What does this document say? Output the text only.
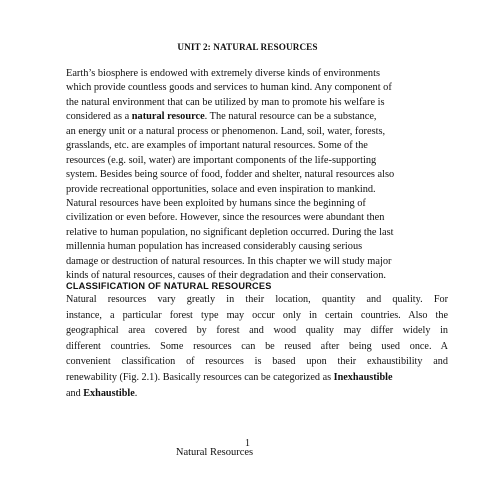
UNIT 2: NATURAL RESOURCES
Earth’s biosphere is endowed with extremely diverse kinds of environments
which provide countless goods and services to human kind. Any component of
the natural environment that can be utilized by man to promote his welfare is
considered as a natural resource. The natural resource can be a substance,
an energy unit or a natural process or phenomenon. Land, soil, water, forests,
grasslands, etc. are examples of important natural resources. Some of the
resources (e.g. soil, water) are important components of the life-supporting
system. Besides being source of food, fodder and shelter, natural resources also
provide recreational opportunities, solace and even inspiration to mankind.
Natural resources have been exploited by humans since the beginning of
civilization or even before. However, since the resources were abundant then
relative to human population, no significant depletion occurred. During the last
millennia human population has increased considerably causing serious
damage or destruction of natural resources. In this chapter we will study major
kinds of natural resources, causes of their degradation and their conservation.
CLASSIFICATION OF NATURAL RESOURCES
Natural resources vary greatly in their location, quantity and quality. For
instance, a particular forest type may occur only in certain countries. Also the
geographical area covered by forest and wood quality may differ widely in
different countries. Some resources can be reused after being used once. A
convenient classification of resources is based upon their exhaustibility and
renewability (Fig. 2.1). Basically resources can be categorized as Inexhaustible
and Exhaustible.
1
Natural Resources
